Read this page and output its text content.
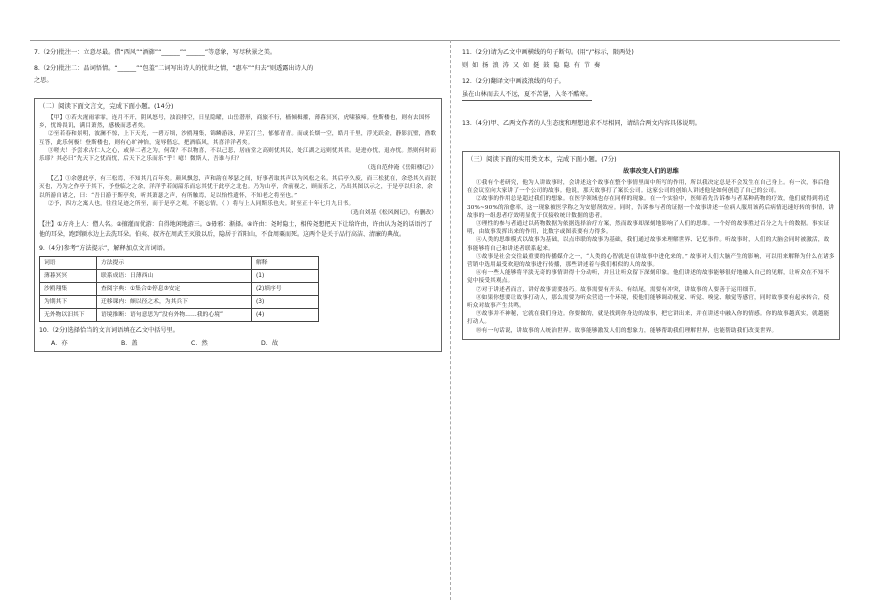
7.（2分)批注一：立意尽最。借“西风”“酒旆”“______”“______”等意象，写尽秋景之美。

8.（2分)批注二：品词悟情。“______”“包羞”二词写出诗人的忧世之情，“惠车”“归去”则透露出诗人的

之思。

（二）阅读下面文言文，完成下面小题。(14分)

【甲】①若夫霪雨霏霏，连月不开，阴风怒号，浊浪排空，日星隐曜，山岳潜形，商旅不行，樯倾楫摧，薄暮冥冥，虎啸猿啼。登斯楼也，则有去国怀乡，忧谗畏讥，满目萧然，感极而悲者矣。

②至若春和景明，波澜不惊，上下天光，一碧万顷，沙鸥翔集，锦鳞游泳，岸芷汀兰，郁郁青青。而或长烟一空，皓月千里，浮光跃金，静影沉璧，渔歌互答，此乐何极！登斯楼也，则有心旷神怡，宠辱偕忘，把酒临风，其喜洋洋者矣。

③嗟夫！予尝求古仁人之心，或异二者之为，何哉？不以物喜，不以己悲，居庙堂之高则忧其民，处江湖之远则忧其君。是进亦忧，退亦忧。然则何时而乐耶？其必曰“先天下之忧而忧，后天下之乐而乐”乎！噫！微斯人，吾谁与归？

（选自范仲淹《岳阳楼记》）

【乙】①余憩此亭，有三松焉，不知其几百年矣。颜风飘忽，声和韵在琴瑟之间，好事者取其声以为风松之名。其后亭久废，而三松犹在，余恐其久而泯灭也，乃为之作亭于其下，予登临之之余，洋洋乎若闻韶乐而忘其忧于此亭之北也。乃为山亭，舍前视之，顾而乐之，乃出其图以示之，于是亭以归余，余以所游自诸之，曰：“吾日游于斯亭矣，听其萧瑟之声，有所触焉，足以怡性遗怀，不知老之将至也。”

②予，四方之寓人也，往往足迹之所至，而于是亭之观，不能忘情，（ ）将与上人同斯乐也夫。时至正十年七月九日书。

（选自刘基《松风阁记》，有删改）

【注】①方舟上人：僧人名。②擅灌而优游：自得地闲地游三。③毋邪：渐择。④许由：尧时隐士，相传尧想把天下让给许由，许由认为尧的话语污了他的耳朵，跑到颍水边上去洗耳朵。伯夷、叔齐在周武王灭殷以后，隐居于首阳山，不食周粟而死。这两个是关于品行高洁、清廉的典故。

9.（4分)参考“方法提示”，解释加点文言词语。

词语	方法提示	解释
薄暮冥冥	联系成语：日薄西山	(1)
沙鸥翔集	查阅字典：①集合②停息③安定	(2)填序号
为期其下	迁移课内：颇以径之术，为其兵下	(3)
无外物以汨其下	语境推断：语句意思为“没有外物……我的心境”	(4)

10.（2分)选择恰当的文言词语填在乙文中括号里。

A．亦	B．盖	C．然	D．故

11.（2分)请为乙文中画横线的句子断句。(用“/”标示，限两处)

则 如 扬 浪 涛 又 如 挺 鼓 隐 隐 有 节 奏

12.（2分)翻译文中画波浪线的句子。

虽在山林而去人不远，夏不苦暑，入冬不酷寒。

13.（4分)甲、乙两文作者的人生态度和理想追求不尽相同，请结合两文内容具体说明。

（三）阅读下面的实用类文本，完成下面小题。(7分)

故事改变人们的思维

①我有个老研究，他为人讲故事时，会讲述这个故事在整个事情里面中所写的作用，所以我决定总是不会发生在自己身上。有一次，事后他在会议室向大家讲了一个公司的故事。他说，那天故事打了案长公司。这家公司的创始人讲述他是如何创造了自己的公司。

②故事的作用总是超过我们的想象。在医学领域也存在同样的现象。在一个实验中，医师着先告诉参与者某种药物的疗效，他们就得到将近30%~90%的治愈率，这一现象被医学称之为安慰剂效应。同时，告诉参与者的证据一个故事讲述一位病人服用该药后病情迅速好转的事情，讲故事的一组患者疗效明显优于仅接收统计数据的患者。

③理性的参与者通过以药物数据为依据选择治疗方案，然而故事却深刻地影响了人们的思维。一个好的故事胜过百分之九十的数据。事实证明，由故事发挥出来的作用，比数字或图表要有力得多。

④人类的思维模式以故事为基础，以点串联的故事为基础，我们通过故事来理解世界、记忆事件。听故事时，人们的大脑会同时被激活，故事能够将自己和讲述者联系起来。

⑤故事是社会交往最重要的传播媒介之一，“人类的心智就是在讲故事中进化来的。” 故事对人们大脑产生的影响，可以用来解释为什么在诸多营销中选用最受欢迎的故事进行传播，那些讲述着与我们相似的人的故事。

⑥有一些人能够将平淡无奇的事情讲得十分动听，并且让听众留下深刻印象。他们讲述的故事能够很好地融入自己的见解，让听众在不知不觉中接受其观点。

⑦对于讲述者而言，讲好故事需要技巧。故事需要有开头、有结尾，需要有冲突，讲故事的人要善于运用细节。

⑧如果你想要让故事打动人，那么需要为听众营造一个环境，使他们能够调动视觉、听觉、嗅觉、触觉等感官，同时故事要有起承转合，使听众对故事产生共鸣。

⑨故事并不神秘，它就在我们身边。你要做的，就是找到你身边的故事，把它讲出来，并在讲述中融入你的情感。你的故事越真实，就越能打动人。

⑩有一句话说，讲故事的人统治世界。故事能够激发人们的想象力，能够帮助我们理解世界，也能帮助我们改变世界。
